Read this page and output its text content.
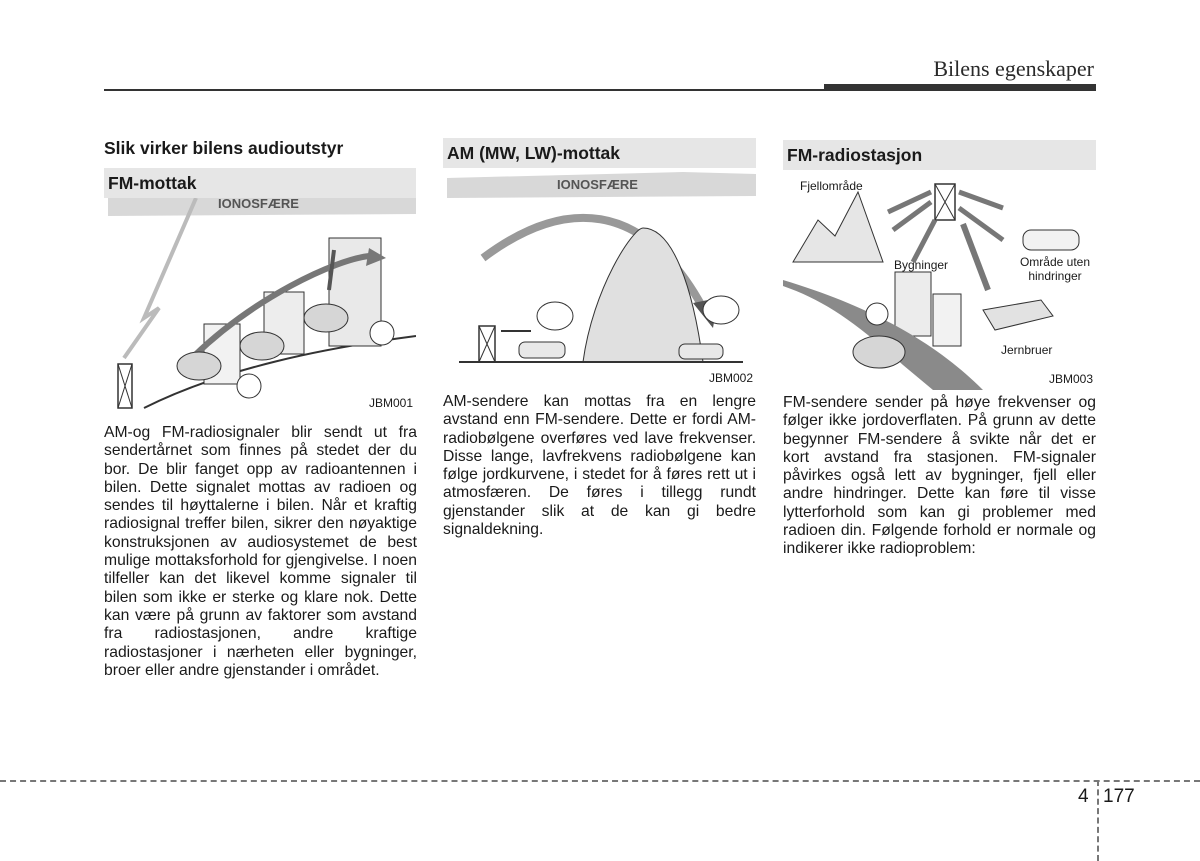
Bilens egenskaper
Slik virker bilens audioutstyr
FM-mottak
IONOSFÆRE
JBM001
AM-og FM-radiosignaler blir sendt ut fra sendertårnet som finnes på stedet der du bor. De blir fanget opp av radioantennen i bilen. Dette signalet mottas av radioen og sendes til høyttalerne i bilen. Når et kraftig radiosignal treffer bilen, sikrer den nøyaktige konstruksjonen av audiosystemet de best mulige mottaksforhold for gjengivelse. I noen tilfeller kan det likevel komme signaler til bilen som ikke er sterke og klare nok. Dette kan være på grunn av faktorer som avstand fra radiostasjonen, andre kraftige radiostasjoner i nærheten eller bygninger, broer eller andre gjenstander i området.
AM (MW, LW)-mottak
IONOSFÆRE
JBM002
AM-sendere kan mottas fra en lengre avstand enn FM-sendere. Dette er fordi AM-radiobølgene overføres ved lave frekvenser. Disse lange, lavfrekvens radiobølgene kan følge jordkurvene, i stedet for å føres rett ut i atmosfæren. De føres i tillegg rundt gjenstander slik at de kan gi bedre signaldekning.
FM-radiostasjon
Fjellområde
Bygninger	Område uten hindringer
Jernbruer
JBM003
FM-sendere sender på høye frekvenser og følger ikke jordoverflaten. På grunn av dette begynner FM-sendere å svikte når det er kort avstand fra stasjonen. FM-signaler påvirkes også lett av bygninger, fjell eller andre hindringer. Dette kan føre til visse lytterforhold som kan gi problemer med radioen din. Følgende forhold er normale og indikerer ikke radioproblem:
4 177
